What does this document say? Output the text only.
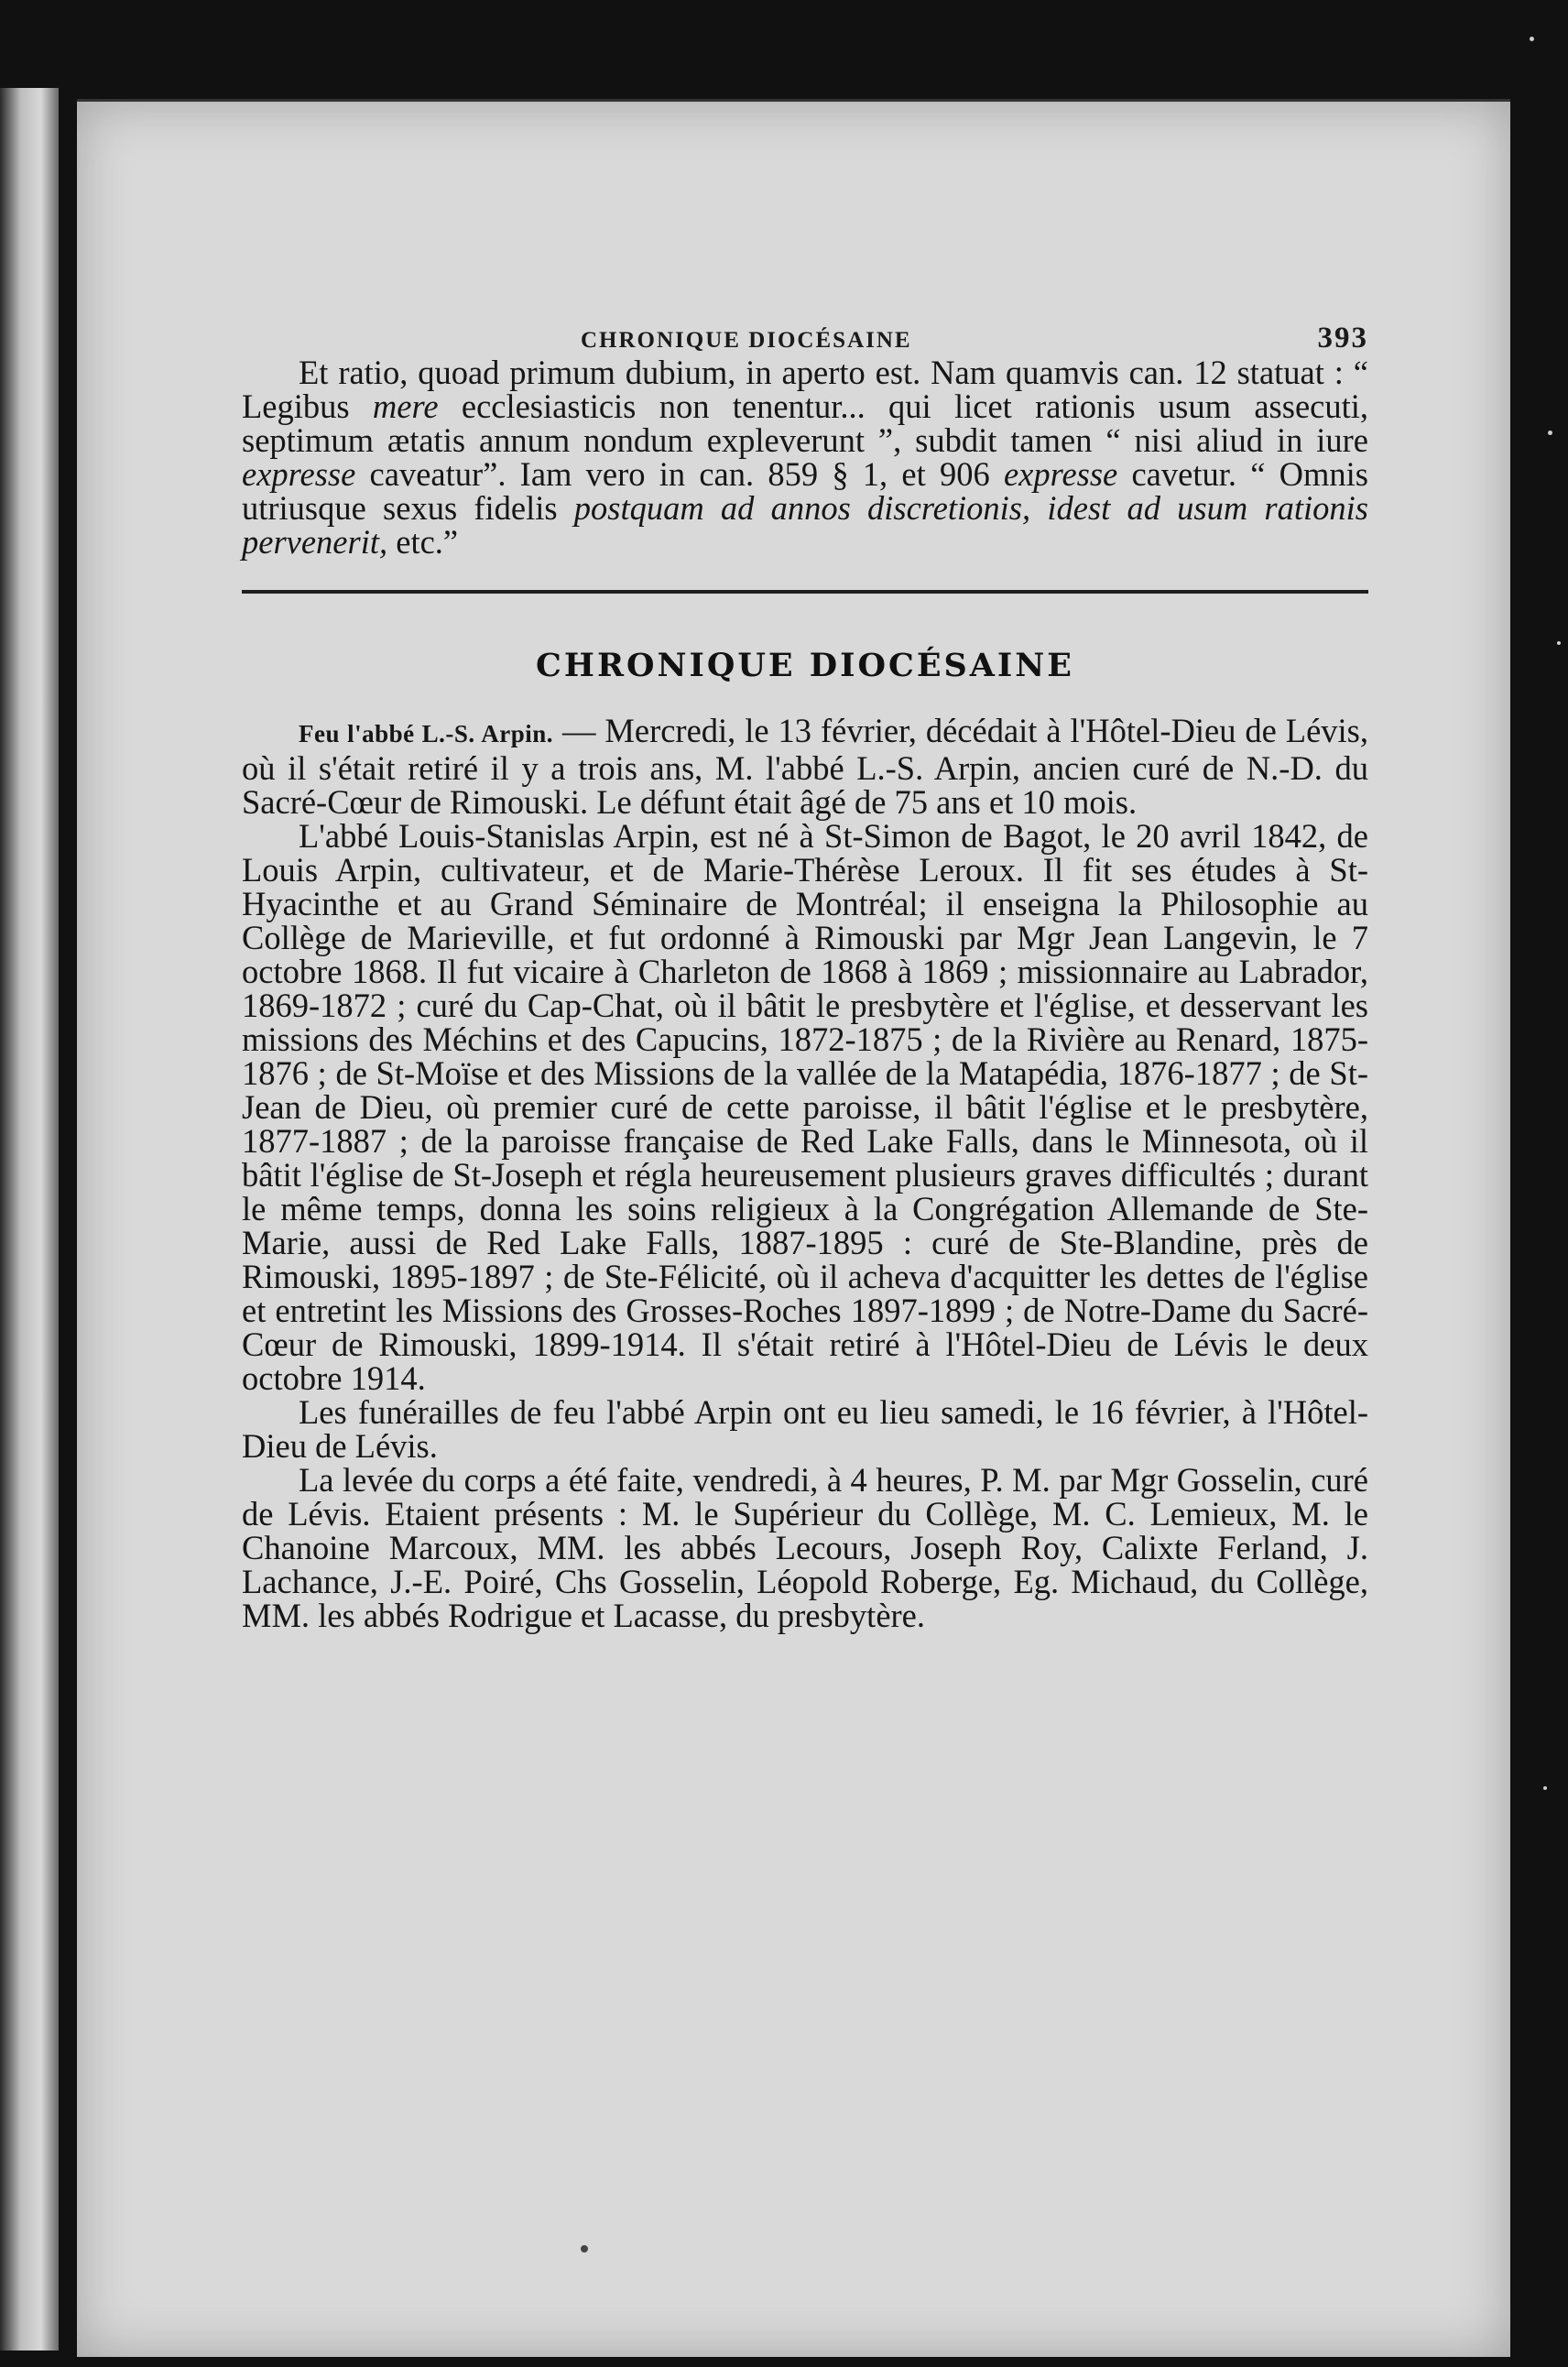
CHRONIQUE DIOCÉSAINE	393

Et ratio, quoad primum dubium, in aperto est. Nam quamvis can. 12 statuat : “ Legibus mere ecclesiasticis non tenentur... qui licet rationis usum assecuti, septimum ætatis annum nondum expleverunt ”, subdit tamen “ nisi aliud in iure expresse caveatur”. Iam vero in can. 859 § 1, et 906 expresse cavetur. “ Omnis utriusque sexus fidelis postquam ad annos discretionis, idest ad usum rationis pervenerit, etc.”

CHRONIQUE DIOCÉSAINE

Feu l'abbé L.-S. Arpin. — Mercredi, le 13 février, décédait à l'Hôtel-Dieu de Lévis, où il s'était retiré il y a trois ans, M. l'abbé L.-S. Arpin, ancien curé de N.-D. du Sacré-Cœur de Rimouski. Le défunt était âgé de 75 ans et 10 mois.

L'abbé Louis-Stanislas Arpin, est né à St-Simon de Bagot, le 20 avril 1842, de Louis Arpin, cultivateur, et de Marie-Thérèse Leroux. Il fit ses études à St-Hyacinthe et au Grand Séminaire de Montréal; il enseigna la Philosophie au Collège de Marieville, et fut ordonné à Rimouski par Mgr Jean Langevin, le 7 octobre 1868. Il fut vicaire à Charleton de 1868 à 1869 ; missionnaire au Labrador, 1869-1872 ; curé du Cap-Chat, où il bâtit le presbytère et l'église, et desservant les missions des Méchins et des Capucins, 1872-1875 ; de la Rivière au Renard, 1875-1876 ; de St-Moïse et des Missions de la vallée de la Matapédia, 1876-1877 ; de St-Jean de Dieu, où premier curé de cette paroisse, il bâtit l'église et le presbytère, 1877-1887 ; de la paroisse française de Red Lake Falls, dans le Minnesota, où il bâtit l'église de St-Joseph et régla heureusement plusieurs graves difficultés ; durant le même temps, donna les soins religieux à la Congrégation Allemande de Ste-Marie, aussi de Red Lake Falls, 1887-1895 : curé de Ste-Blandine, près de Rimouski, 1895-1897 ; de Ste-Félicité, où il acheva d'acquitter les dettes de l'église et entretint les Missions des Grosses-Roches 1897-1899 ; de Notre-Dame du Sacré-Cœur de Rimouski, 1899-1914. Il s'était retiré à l'Hôtel-Dieu de Lévis le deux octobre 1914.

Les funérailles de feu l'abbé Arpin ont eu lieu samedi, le 16 février, à l'Hôtel-Dieu de Lévis.

La levée du corps a été faite, vendredi, à 4 heures, P. M. par Mgr Gosselin, curé de Lévis. Etaient présents : M. le Supérieur du Collège, M. C. Lemieux, M. le Chanoine Marcoux, MM. les abbés Lecours, Joseph Roy, Calixte Ferland, J. Lachance, J.-E. Poiré, Chs Gosselin, Léopold Roberge, Eg. Michaud, du Collège, MM. les abbés Rodrigue et Lacasse, du presbytère.
